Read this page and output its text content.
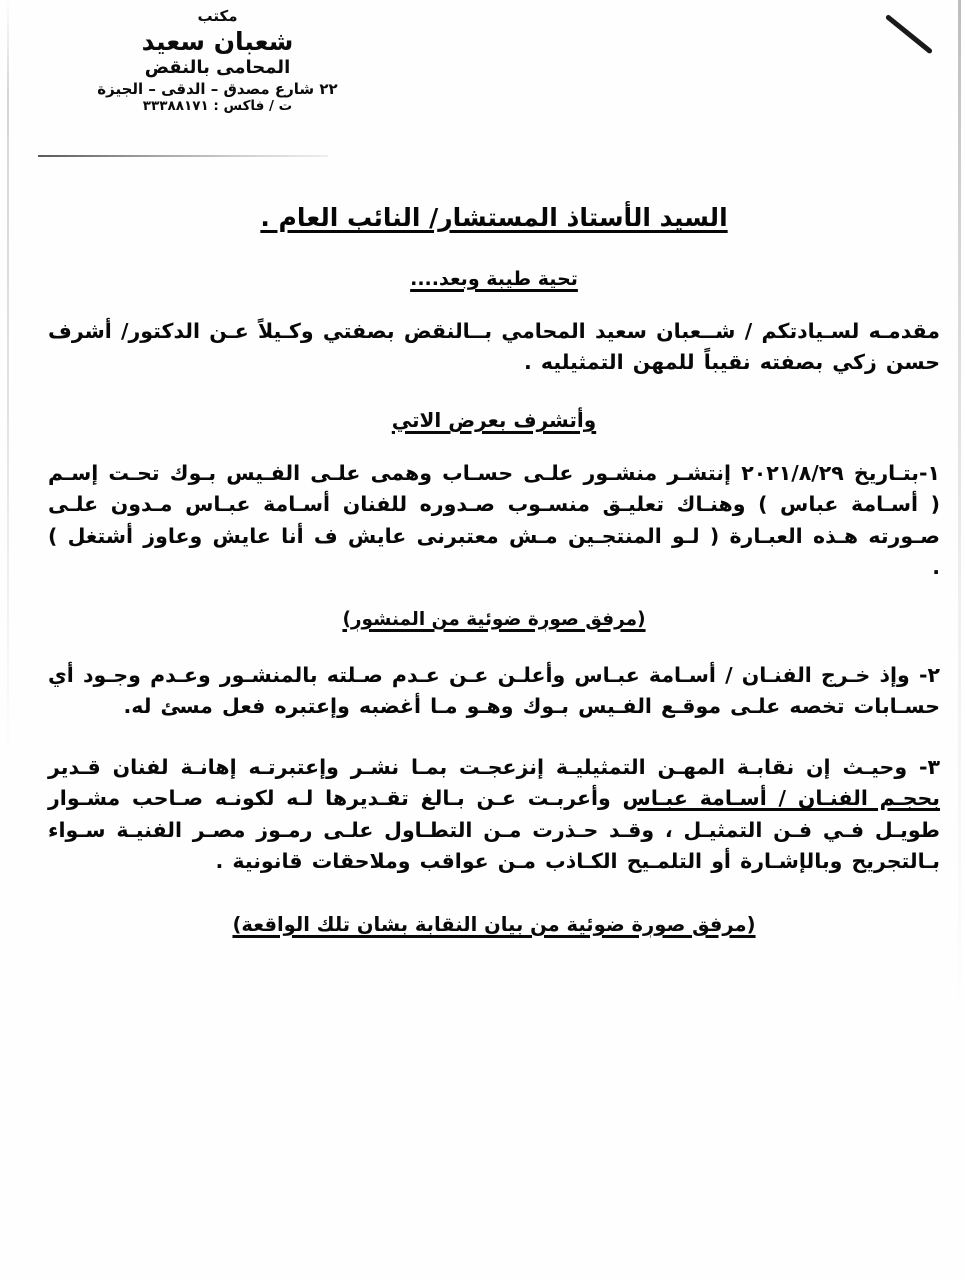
مكتب
شعبان سعيد
المحامى بالنقض
٢٢ شارع مصدق – الدقى – الجيزة
ت / فاكس : ٣٣٣٨٨١٧١
السيد الأستاذ المستشار/ النائب العام .
تحية طيبة وبعد....

مقدمـه لسـيادتكم / شــعبان سعيد المحامي بــالنقض بصفتي وكـيلاً عـن الدكتور/ أشرف حسن زكي بصفته نقيباً للمهن التمثيليه .

وأتشرف بعرض الاتي

١-بتـاريخ ٢٠٢١/٨/٢٩ إنتشـر منشـور علـى حسـاب وهمى علـى الفـيس بـوك تحـت إسـم ( أسـامة عباس ) وهنـاك تعليـق منسـوب صـدوره للفنان أسـامة عبـاس مـدون علـى صـورته هـذه العبـارة ( لـو المنتجـين مـش معتبرنى عايش ف أنا عايش وعاوز أشتغل ) .

(مرفق صورة ضوئية من المنشور)

٢- وإذ خـرج الفنـان / أسـامة عبـاس وأعلـن عـن عـدم صـلته بالمنشـور وعـدم وجـود أي حسـابات تخصه علـى موقـع الفـيس بـوك وهـو مـا أغضبه وإعتبره فعل مسئ له.

٣- وحيـث إن نقابـة المهـن التمثيليـة إنزعجـت بمـا نشـر وإعتبرتـه إهانـة لفنان قـدير بحجـم الفنـان / أسـامة عبـاس وأعربـت عـن بـالغ تقـديرها لـه لكونـه صـاحب مشـوار طويـل فـي فـن التمثيـل ، وقـد حـذرت مـن التطـاول علـى رمـوز مصـر الفنيـة سـواء بـالتجريح وبالإشـارة أو التلمـيح الكـاذب مـن عواقب وملاحقات قانونية .

(مرفق صورة ضوئية من بيان النقابة بشان تلك الواقعة)
